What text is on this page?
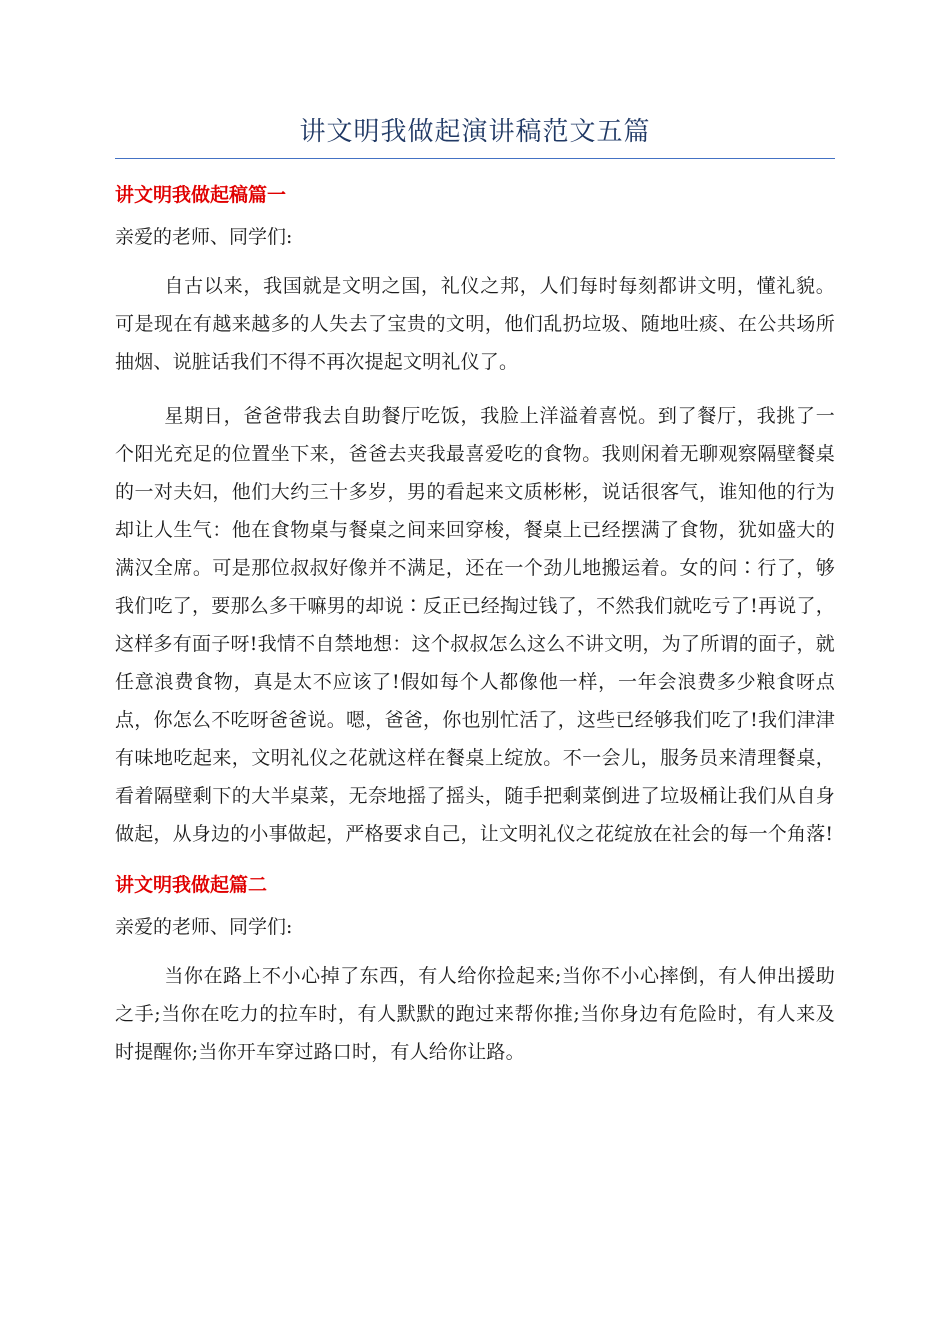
讲文明我做起演讲稿范文五篇
讲文明我做起稿篇一

亲爱的老师、同学们:

自古以来，我国就是文明之国，礼仪之邦，人们每时每刻都讲文明，懂礼貌。可是现在有越来越多的人失去了宝贵的文明，他们乱扔垃圾、随地吐痰、在公共场所抽烟、说脏话我们不得不再次提起文明礼仪了。

星期日，爸爸带我去自助餐厅吃饭，我脸上洋溢着喜悦。到了餐厅，我挑了一个阳光充足的位置坐下来，爸爸去夹我最喜爱吃的食物。我则闲着无聊观察隔壁餐桌的一对夫妇，他们大约三十多岁，男的看起来文质彬彬，说话很客气，谁知他的行为却让人生气：他在食物桌与餐桌之间来回穿梭，餐桌上已经摆满了食物，犹如盛大的满汉全席。可是那位叔叔好像并不满足，还在一个劲儿地搬运着。女的问∶行了，够我们吃了，要那么多干嘛男的却说∶反正已经掏过钱了，不然我们就吃亏了!再说了，这样多有面子呀!我情不自禁地想：这个叔叔怎么这么不讲文明，为了所谓的面子，就任意浪费食物，真是太不应该了!假如每个人都像他一样，一年会浪费多少粮食呀点点，你怎么不吃呀爸爸说。嗯，爸爸，你也别忙活了，这些已经够我们吃了!我们津津有味地吃起来，文明礼仪之花就这样在餐桌上绽放。不一会儿，服务员来清理餐桌，看着隔壁剩下的大半桌菜，无奈地摇了摇头，随手把剩菜倒进了垃圾桶让我们从自身做起，从身边的小事做起，严格要求自己，让文明礼仪之花绽放在社会的每一个角落!

讲文明我做起篇二

亲爱的老师、同学们:

当你在路上不小心掉了东西，有人给你捡起来;当你不小心摔倒，有人伸出援助之手;当你在吃力的拉车时，有人默默的跑过来帮你推;当你身边有危险时，有人来及时提醒你;当你开车穿过路口时，有人给你让路。
